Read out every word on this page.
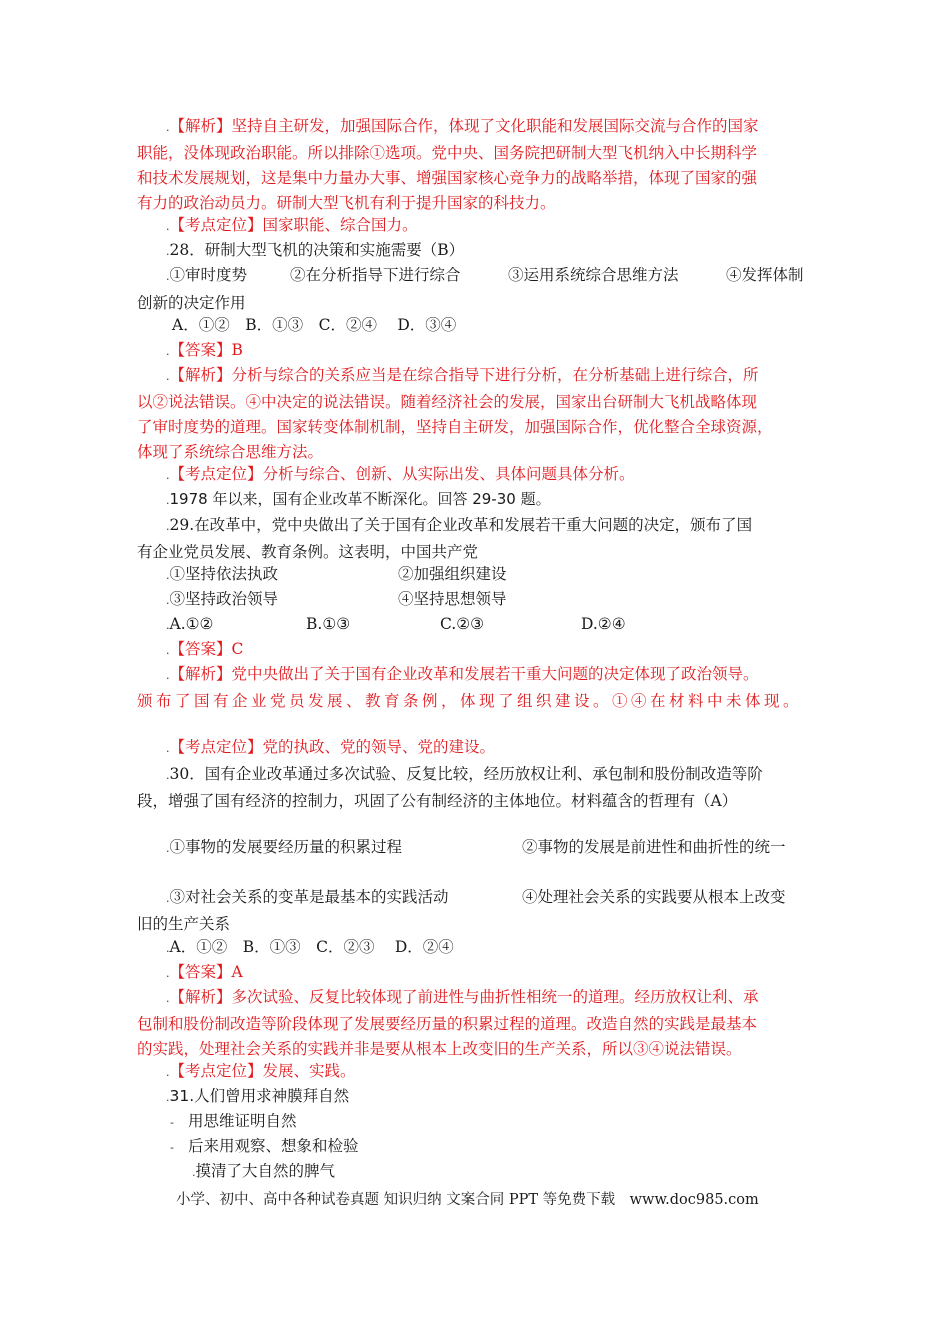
.【解析】坚持自主研发，加强国际合作，体现了文化职能和发展国际交流与合作的国家
职能，没体现政治职能。所以排除①选项。党中央、国务院把研制大型飞机纳入中长期科学
和技术发展规划，这是集中力量办大事、增强国家核心竞争力的战略举措，体现了国家的强
有力的政治动员力。研制大型飞机有利于提升国家的科技力。
.【考点定位】国家职能、综合国力。
.28．研制大型飞机的决策和实施需要（B）
.①审时度势	②在分析指导下进行综合	③运用系统综合思维方法	④发挥体制
创新的决定作用
A．①②　B．①③　C．②④　 D．③④
.【答案】B
.【解析】分析与综合的关系应当是在综合指导下进行分析，在分析基础上进行综合，所
以②说法错误。④中决定的说法错误。随着经济社会的发展，国家出台研制大飞机战略体现
了审时度势的道理。国家转变体制机制，坚持自主研发，加强国际合作，优化整合全球资源，
体现了系统综合思维方法。
.【考点定位】分析与综合、创新、从实际出发、具体问题具体分析。
.1978 年以来，国有企业改革不断深化。回答 29-30 题。
.29.在改革中，党中央做出了关于国有企业改革和发展若干重大问题的决定，颁布了国
有企业党员发展、教育条例。这表明，中国共产党
.①坚持依法执政	②加强组织建设
.③坚持政治领导	④坚持思想领导
.A.①②	B.①③	C.②③	D.②④
.【答案】C
.【解析】党中央做出了关于国有企业改革和发展若干重大问题的决定体现了政治领导。
颁布了国有企业党员发展、教育条例，体现了组织建设。①④在材料中未体现。
.【考点定位】党的执政、党的领导、党的建设。
.30．国有企业改革通过多次试验、反复比较，经历放权让利、承包制和股份制改造等阶
段，增强了国有经济的控制力，巩固了公有制经济的主体地位。材料蕴含的哲理有（A）
.①事物的发展要经历量的积累过程	②事物的发展是前进性和曲折性的统一
.③对社会关系的变革是最基本的实践活动	④处理社会关系的实践要从根本上改变
旧的生产关系
.A．①②　B．①③　C．②③　 D．②④
.【答案】A
.【解析】多次试验、反复比较体现了前进性与曲折性相统一的道理。经历放权让利、承
包制和股份制改造等阶段体现了发展要经历量的积累过程的道理。改造自然的实践是最基本
的实践，处理社会关系的实践并非是要从根本上改变旧的生产关系，所以③④说法错误。
.【考点定位】发展、实践。
.31.人们曾用求神膜拜自然
- 用思维证明自然
- 后来用观察、想象和检验
.摸清了大自然的脾气
小学、初中、高中各种试卷真题 知识归纳 文案合同 PPT 等免费下载　www.doc985.com
